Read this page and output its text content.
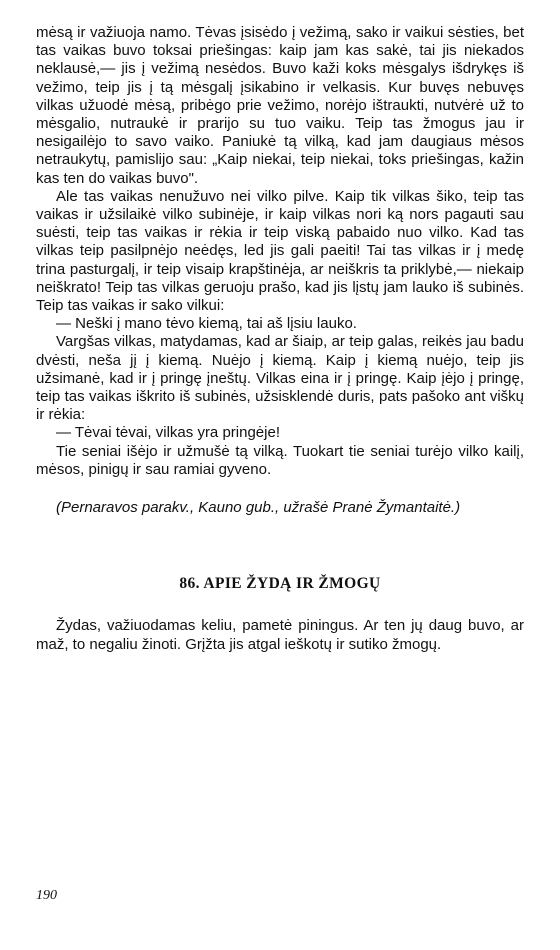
mėsą ir važiuoja namo. Tėvas įsisėdo į vežimą, sako ir vaikui sėsties, bet tas vaikas buvo toksai priešingas: kaip jam kas sakė, tai jis niekados neklausė,— jis į vežimą nesėdos. Buvo kaži koks mėsgalys išdrykęs iš vežimo, teip jis į tą mėsgalį įsikabino ir velkasis. Kur buvęs nebuvęs vilkas užuodė mėsą, pribėgo prie vežimo, norėjo ištraukti, nutvėrė už to mėsgalio, nutraukė ir prarijo su tuo vaiku. Teip tas žmogus jau ir nesigailėjo to savo vaiko. Paniukė tą vilką, kad jam daugiaus mėsos netraukytų, pamislijo sau: „Kaip niekai, teip niekai, toks priešingas, kažin kas ten do vaikas buvo".

Ale tas vaikas nenužuvo nei vilko pilve. Kaip tik vilkas šiko, teip tas vaikas ir užsilaikė vilko subinėje, ir kaip vilkas nori ką nors pagauti sau suėsti, teip tas vaikas ir rėkia ir teip viską pabaido nuo vilko. Kad tas vilkas teip pasilpnėjo neėdęs, led jis gali paeiti! Tai tas vilkas ir į medę trina pasturgalį, ir teip visaip krapštinėja, ar neiškris ta priklybė,— niekaip neiškrato! Teip tas vilkas geruoju prašo, kad jis lįstų jam lauko iš subinės. Teip tas vaikas ir sako vilkui:

— Neški į mano tėvo kiemą, tai aš lįsiu lauko.

Vargšas vilkas, matydamas, kad ar šiaip, ar teip galas, reikės jau badu dvėsti, neša jį į kiemą. Nuėjo į kiemą. Kaip į kiemą nuėjo, teip jis užsimanė, kad ir į pringę įneštų. Vilkas eina ir į pringę. Kaip įėjo į pringę, teip tas vaikas iškrito iš subinės, užsisklendė duris, pats pašoko ant viškų ir rėkia:

— Tėvai tėvai, vilkas yra pringėje!

Tie seniai išėjo ir užmušė tą vilką. Tuokart tie seniai turėjo vilko kailį, mėsos, pinigų ir sau ramiai gyveno.

(Pernaravos parakv., Kauno gub., užrašė Pranė Žymantaitė.)

86. APIE ŽYDĄ IR ŽMOGŲ

Žydas, važiuodamas keliu, pametė piningus. Ar ten jų daug buvo, ar maž, to negaliu žinoti. Grįžta jis atgal ieškotų ir sutiko žmogų.

190
